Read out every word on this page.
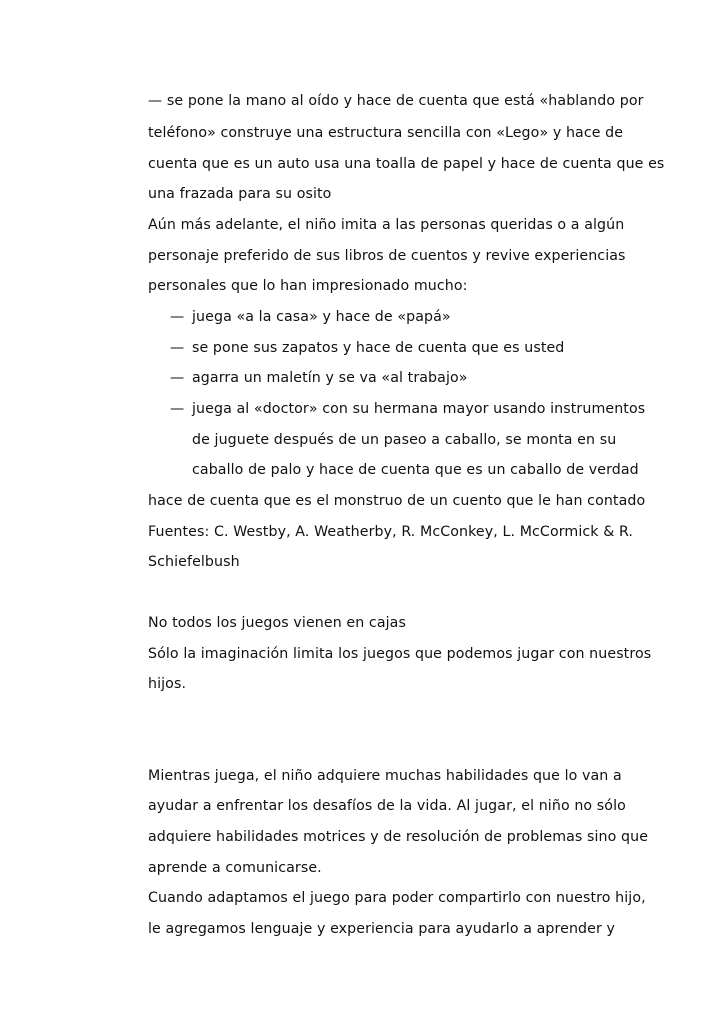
— se pone la mano al oído y hace de cuenta que está «hablando por
teléfono» construye una estructura sencilla con «Lego» y hace de
cuenta que es un auto usa una toalla de papel y hace de cuenta que es
una frazada para su osito
Aún más adelante, el niño imita a las personas queridas o a algún
personaje preferido de sus libros de cuentos y revive experiencias
personales que lo han impresionado mucho:
— juega «a la casa» y hace de «papá»
— se pone sus zapatos y hace de cuenta que es usted
— agarra un maletín y se va «al trabajo»
— juega al «doctor» con su hermana mayor usando instrumentos
de juguete después de un paseo a caballo, se monta en su
caballo de palo y hace de cuenta que es un caballo de verdad
hace de cuenta que es el monstruo de un cuento que le han contado
Fuentes: C. Westby, A. Weatherby, R. McConkey, L. McCormick & R.
Schiefelbush
No todos los juegos vienen en cajas
Sólo la imaginación limita los juegos que podemos jugar con nuestros
hijos.
Mientras juega, el niño adquiere muchas habilidades que lo van a
ayudar a enfrentar los desafíos de la vida. Al jugar, el niño no sólo
adquiere habilidades motrices y de resolución de problemas sino que
aprende a comunicarse.
Cuando adaptamos el juego para poder compartirlo con nuestro hijo,
le agregamos lenguaje y experiencia para ayudarlo a aprender y
